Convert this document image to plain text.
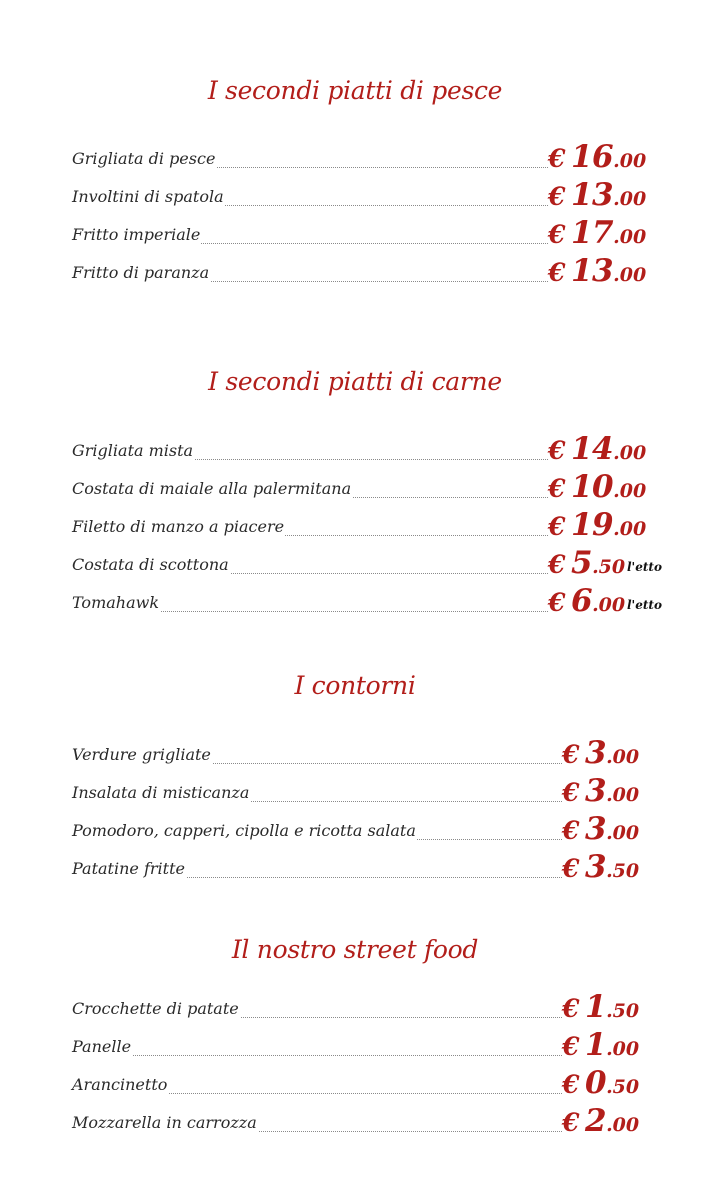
I secondi piatti di pesce
Grigliata di pesce	€ 16.00
Involtini di spatola	€ 13.00
Fritto imperiale	€ 17.00
Fritto di paranza	€ 13.00
I secondi piatti di carne
Grigliata mista	€ 14.00
Costata di maiale alla palermitana	€ 10.00
Filetto di manzo a piacere	€ 19.00
Costata di scottona	€ 5.50 l'etto
Tomahawk	€ 6.00 l'etto
I contorni
Verdure grigliate	€ 3.00
Insalata di misticanza	€ 3.00
Pomodoro, capperi, cipolla e ricotta salata	€ 3.00
Patatine fritte	€ 3.50
Il nostro street food
Crocchette di patate	€ 1.50
Panelle	€ 1.00
Arancinetto	€ 0.50
Mozzarella in carrozza	€ 2.00
